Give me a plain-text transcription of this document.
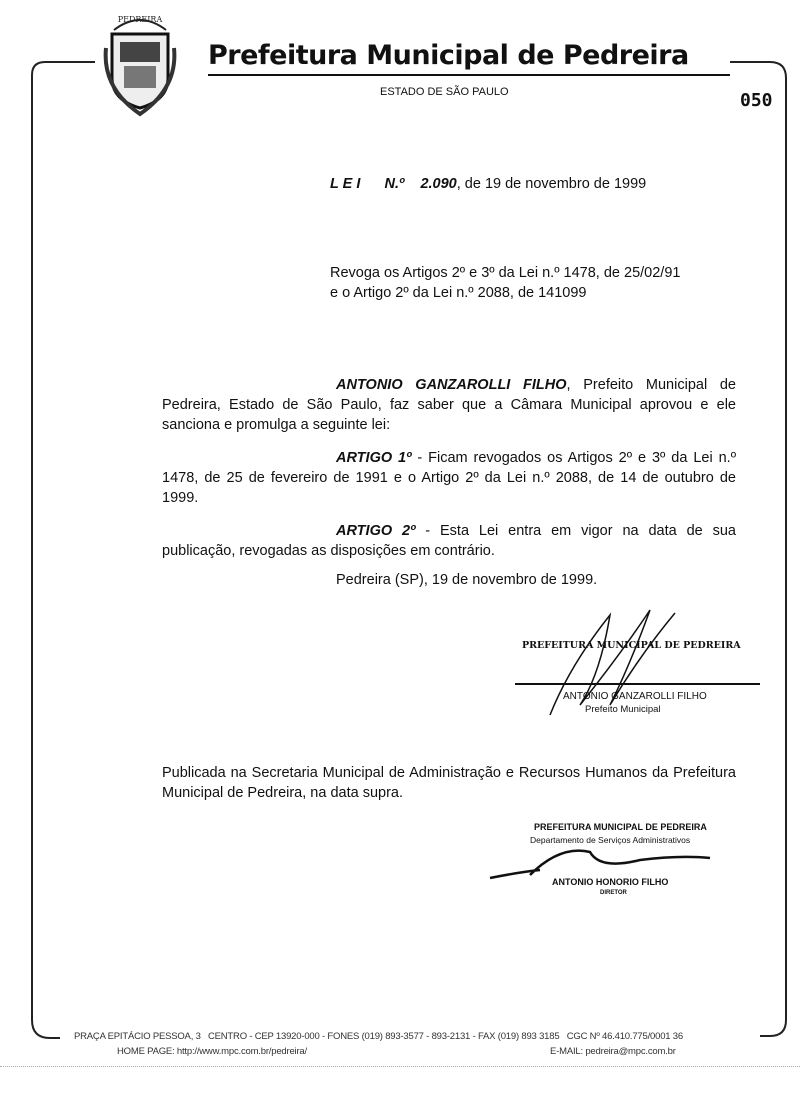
PEDREIRA
Prefeitura Municipal de Pedreira
ESTADO DE SÃO PAULO	050
L E I N.º 2.090, de 19 de novembro de 1999
Revoga os Artigos 2º e 3º da Lei n.º 1478, de 25/02/91
e o Artigo 2º da Lei n.º 2088, de 141099
ANTONIO GANZAROLLI FILHO, Prefeito Municipal de Pedreira, Estado de São Paulo, faz saber que a Câmara Municipal aprovou e ele sanciona e promulga a seguinte lei:
ARTIGO 1º - Ficam revogados os Artigos 2º e 3º da Lei n.º 1478, de 25 de fevereiro de 1991 e o Artigo 2º da Lei n.º 2088, de 14 de outubro de 1999.
ARTIGO 2º - Esta Lei entra em vigor na data de sua publicação, revogadas as disposições em contrário.
Pedreira (SP), 19 de novembro de 1999.
PREFEITURA MUNICIPAL DE PEDREIRA
ANTONIO GANZAROLLI FILHO
Prefeito Municipal
Publicada na Secretaria Municipal de Administração e Recursos Humanos da Prefeitura Municipal de Pedreira, na data supra.
PREFEITURA MUNICIPAL DE PEDREIRA
Departamento de Serviços Administrativos
ANTONIO HONORIO FILHO
DIRETOR
PRAÇA EPITÁCIO PESSOA, 3   CENTRO - CEP 13920-000 - FONES (019) 893-3577 - 893-2131 - FAX (019) 893 3185   CGC Nº 46.410.775/0001 36
HOME PAGE: http://www.mpc.com.br/pedreira/	E-MAIL: pedreira@mpc.com.br
